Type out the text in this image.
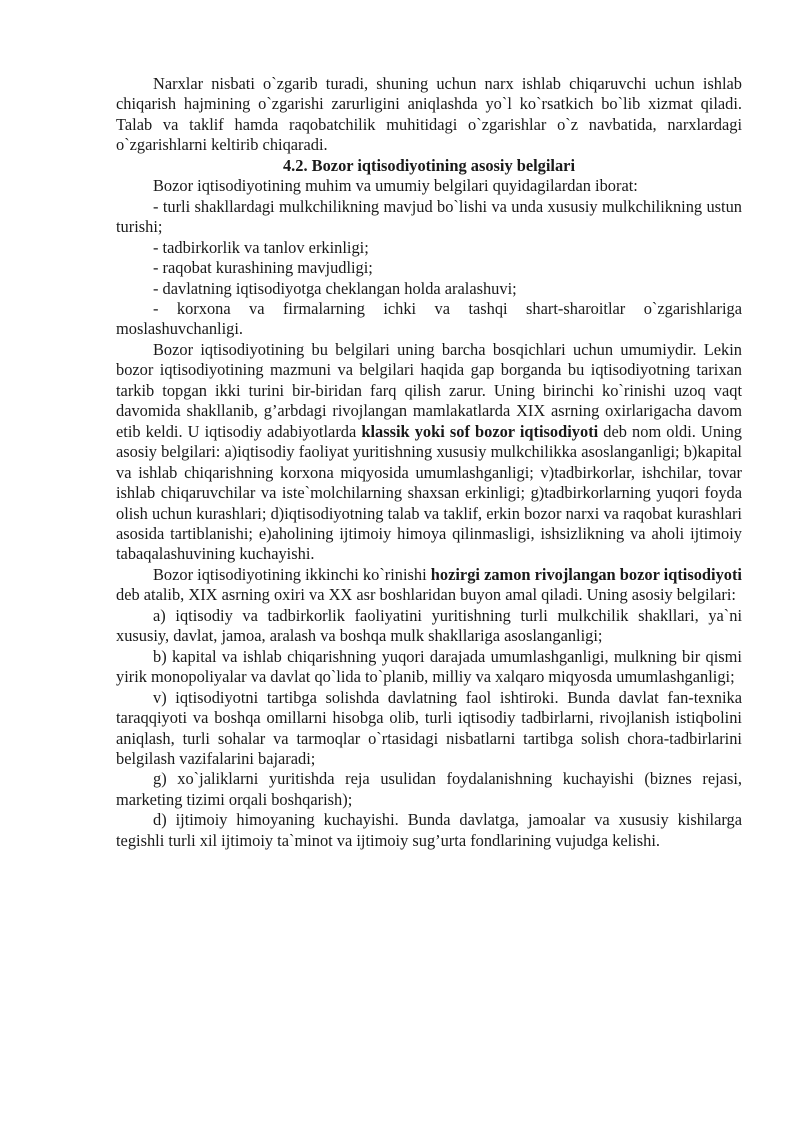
Narxlar nisbati o`zgarib turadi, shuning uchun narx ishlab chiqaruvchi uchun ishlab chiqarish hajmining o`zgarishi zarurligini aniqlashda yo`l ko`rsatkich bo`lib xizmat qiladi. Talab va taklif hamda raqobatchilik muhitidagi o`zgarishlar o`z navbatida, narxlardagi o`zgarishlarni keltirib chiqaradi.

4.2. Bozor iqtisodiyotining asosiy belgilari

Bozor iqtisodiyotining muhim va umumiy belgilari quyidagilardan iborat:

- turli shakllardagi mulkchilikning mavjud bo`lishi va unda xususiy mulkchilikning ustun turishi;

- tadbirkorlik va tanlov erkinligi;

- raqobat kurashining mavjudligi;

- davlatning iqtisodiyotga cheklangan holda aralashuvi;

- korxona va firmalarning ichki va tashqi shart-sharoitlar o`zgarishlariga moslashuvchanligi.

Bozor iqtisodiyotining bu belgilari uning barcha bosqichlari uchun umumiydir. Lekin bozor iqtisodiyotining mazmuni va belgilari haqida gap borganda bu iqtisodiyotning tarixan tarkib topgan ikki turini bir-biridan farq qilish zarur. Uning birinchi ko`rinishi uzoq vaqt davomida shakllanib, g’arbdagi rivojlangan mamlakatlarda XIX asrning oxirlarigacha davom etib keldi. U iqtisodiy adabiyotlarda klassik yoki sof bozor iqtisodiyoti deb nom oldi. Uning asosiy belgilari: a)iqtisodiy faoliyat yuritishning xususiy mulkchilikka asoslanganligi; b)kapital va ishlab chiqarishning korxona miqyosida umumlashganligi; v)tadbirkorlar, ishchilar, tovar ishlab chiqaruvchilar va iste`molchilarning shaxsan erkinligi; g)tadbirkorlarning yuqori foyda olish uchun kurashlari; d)iqtisodiyotning talab va taklif, erkin bozor narxi va raqobat kurashlari asosida tartiblanishi; e)aholining ijtimoiy himoya qilinmasligi, ishsizlikning va aholi ijtimoiy tabaqalashuvining kuchayishi.

Bozor iqtisodiyotining ikkinchi ko`rinishi hozirgi zamon rivojlangan bozor iqtisodiyoti deb atalib, XIX asrning oxiri va XX asr boshlaridan buyon amal qiladi. Uning asosiy belgilari:

a) iqtisodiy va tadbirkorlik faoliyatini yuritishning turli mulkchilik shakllari, ya`ni xususiy, davlat, jamoa, aralash va boshqa mulk shakllariga asoslanganligi;

b) kapital va ishlab chiqarishning yuqori darajada umumlashganligi, mulkning bir qismi yirik monopoliyalar va davlat qo`lida to`planib, milliy va xalqaro miqyosda umumlashganligi;

v) iqtisodiyotni tartibga solishda davlatning faol ishtiroki. Bunda davlat fan-texnika taraqqiyoti va boshqa omillarni hisobga olib, turli iqtisodiy tadbirlarni, rivojlanish istiqbolini aniqlash, turli sohalar va tarmoqlar o`rtasidagi nisbatlarni tartibga solish chora-tadbirlarini belgilash vazifalarini bajaradi;

g) xo`jaliklarni yuritishda reja usulidan foydalanishning kuchayishi (biznes rejasi, marketing tizimi orqali boshqarish);

d) ijtimoiy himoyaning kuchayishi. Bunda davlatga, jamoalar va xususiy kishilarga tegishli turli xil ijtimoiy ta`minot va ijtimoiy sug’urta fondlarining vujudga kelishi.
